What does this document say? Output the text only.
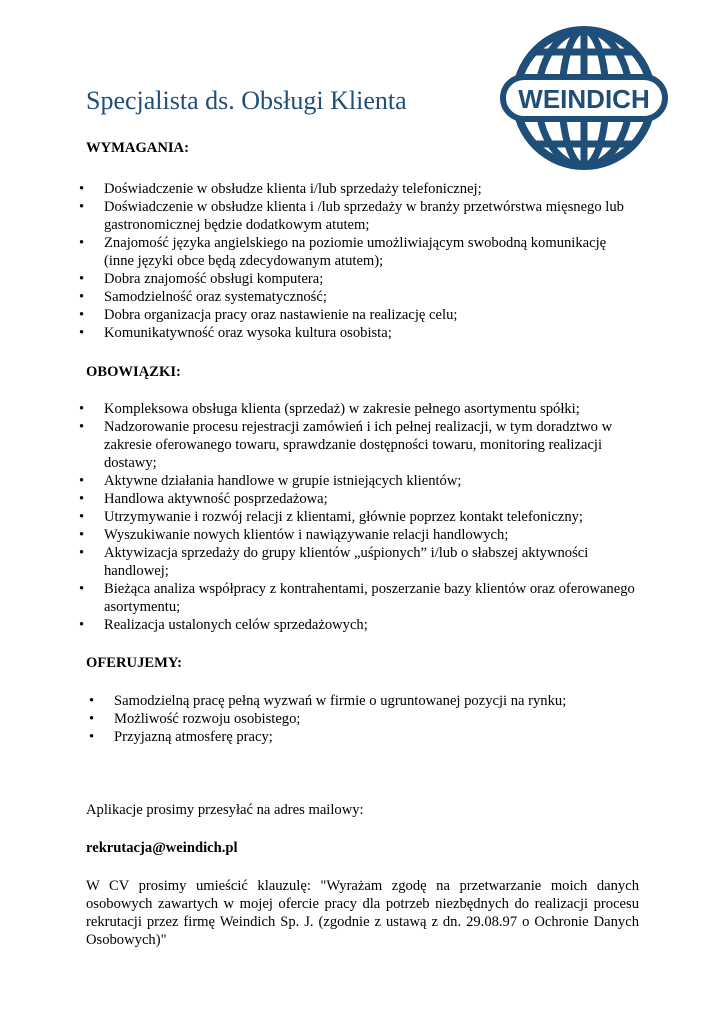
Specjalista ds. Obsługi Klienta	WEINDICH

WYMAGANIA:

• Doświadczenie w obsłudze klienta i/lub sprzedaży telefonicznej;
• Doświadczenie w obsłudze klienta i /lub sprzedaży w branży przetwórstwa mięsnego lub gastronomicznej będzie dodatkowym atutem;
• Znajomość języka angielskiego na poziomie umożliwiającym swobodną komunikację (inne języki obce będą zdecydowanym atutem);
• Dobra znajomość obsługi komputera;
• Samodzielność oraz systematyczność;
• Dobra organizacja pracy oraz nastawienie na realizację celu;
• Komunikatywność oraz wysoka kultura osobista;

OBOWIĄZKI:

• Kompleksowa obsługa klienta (sprzedaż) w zakresie pełnego asortymentu spółki;
• Nadzorowanie procesu rejestracji zamówień i ich pełnej realizacji, w tym doradztwo w zakresie oferowanego towaru, sprawdzanie dostępności towaru, monitoring realizacji dostawy;
• Aktywne działania handlowe w grupie istniejących klientów;
• Handlowa aktywność posprzedażowa;
• Utrzymywanie i rozwój relacji z klientami, głównie poprzez kontakt telefoniczny;
• Wyszukiwanie nowych klientów i nawiązywanie relacji handlowych;
• Aktywizacja sprzedaży do grupy klientów „uśpionych” i/lub o słabszej aktywności handlowej;
• Bieżąca analiza współpracy z kontrahentami, poszerzanie bazy klientów oraz oferowanego asortymentu;
• Realizacja ustalonych celów sprzedażowych;

OFERUJEMY:

• Samodzielną pracę pełną wyzwań w firmie o ugruntowanej pozycji na rynku;
• Możliwość rozwoju osobistego;
• Przyjazną atmosferę pracy;

Aplikacje prosimy przesyłać na adres mailowy:

rekrutacja@weindich.pl

W CV prosimy umieścić klauzulę: "Wyrażam zgodę na przetwarzanie moich danych osobowych zawartych w mojej ofercie pracy dla potrzeb niezbędnych do realizacji procesu rekrutacji przez firmę Weindich Sp. J. (zgodnie z ustawą z dn. 29.08.97 o Ochronie Danych Osobowych)"
